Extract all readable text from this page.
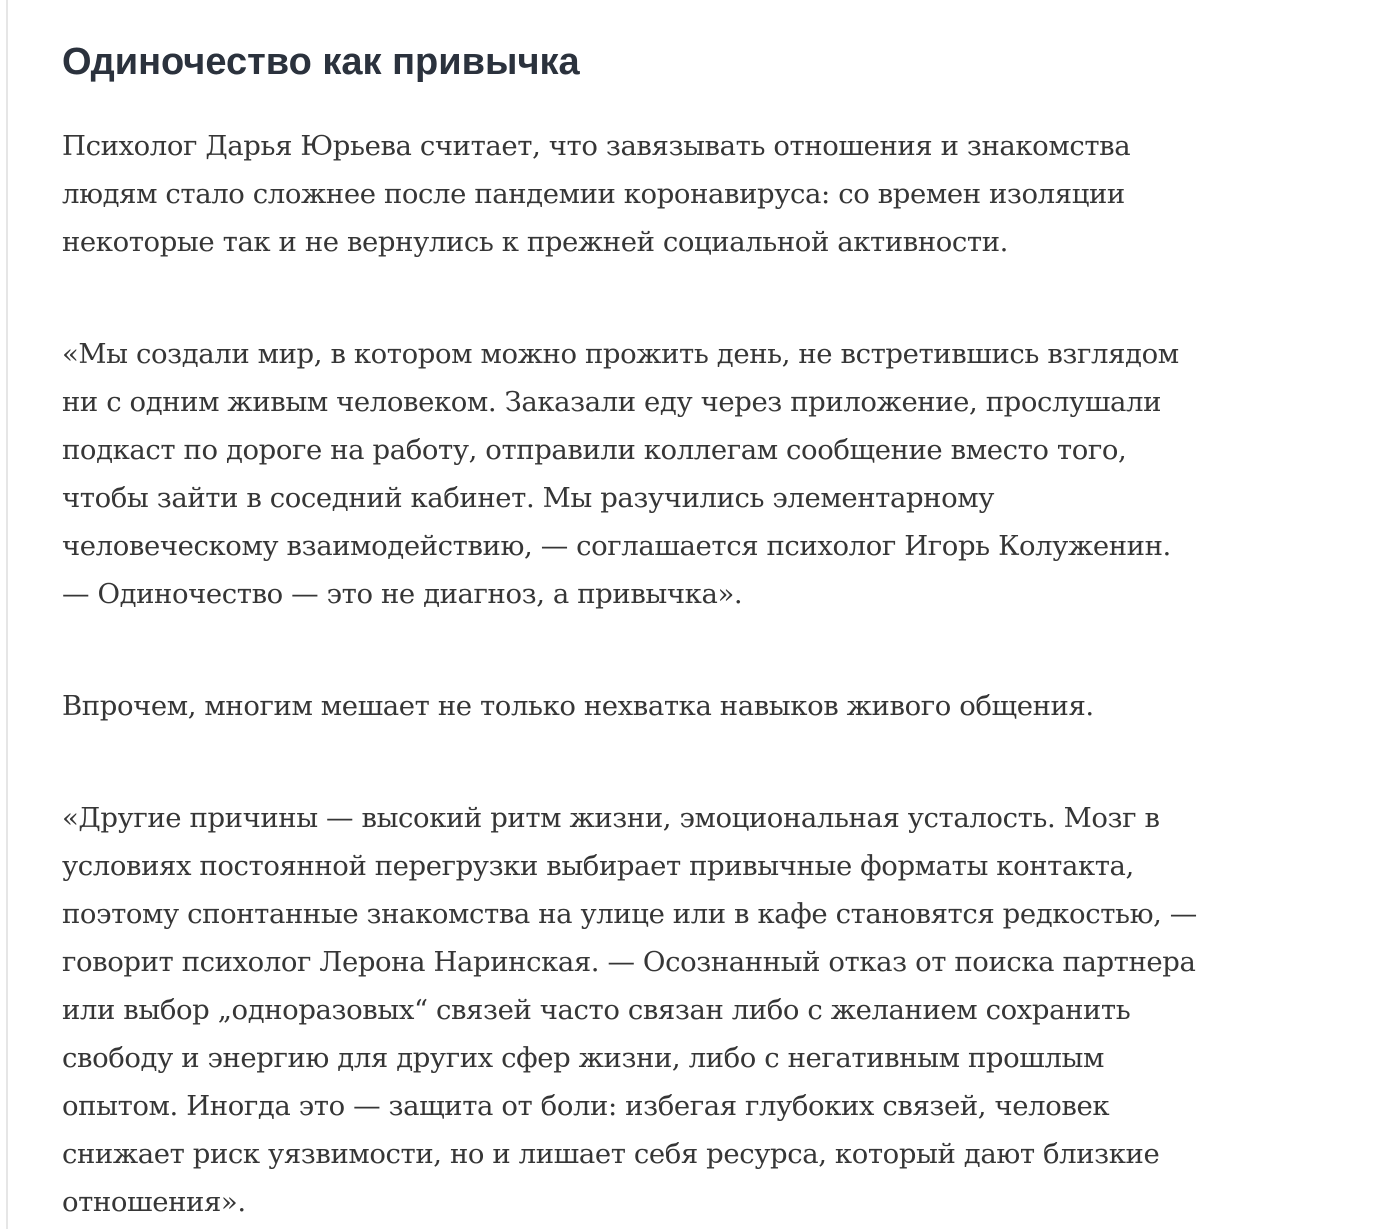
Одиночество как привычка

Психолог Дарья Юрьева считает, что завязывать отношения и знакомства
людям стало сложнее после пандемии коронавируса: со времен изоляции
некоторые так и не вернулись к прежней социальной активности.

«Мы создали мир, в котором можно прожить день, не встретившись взглядом
ни с одним живым человеком. Заказали еду через приложение, прослушали
подкаст по дороге на работу, отправили коллегам сообщение вместо того,
чтобы зайти в соседний кабинет. Мы разучились элементарному
человеческому взаимодействию, — соглашается психолог Игорь Колуженин.
— Одиночество — это не диагноз, а привычка».

Впрочем, многим мешает не только нехватка навыков живого общения.

«Другие причины — высокий ритм жизни, эмоциональная усталость. Мозг в
условиях постоянной перегрузки выбирает привычные форматы контакта,
поэтому спонтанные знакомства на улице или в кафе становятся редкостью, —
говорит психолог Лерона Наринская. — Осознанный отказ от поиска партнера
или выбор „одноразовых“ связей часто связан либо с желанием сохранить
свободу и энергию для других сфер жизни, либо с негативным прошлым
опытом. Иногда это — защита от боли: избегая глубоких связей, человек
снижает риск уязвимости, но и лишает себя ресурса, который дают близкие
отношения».
